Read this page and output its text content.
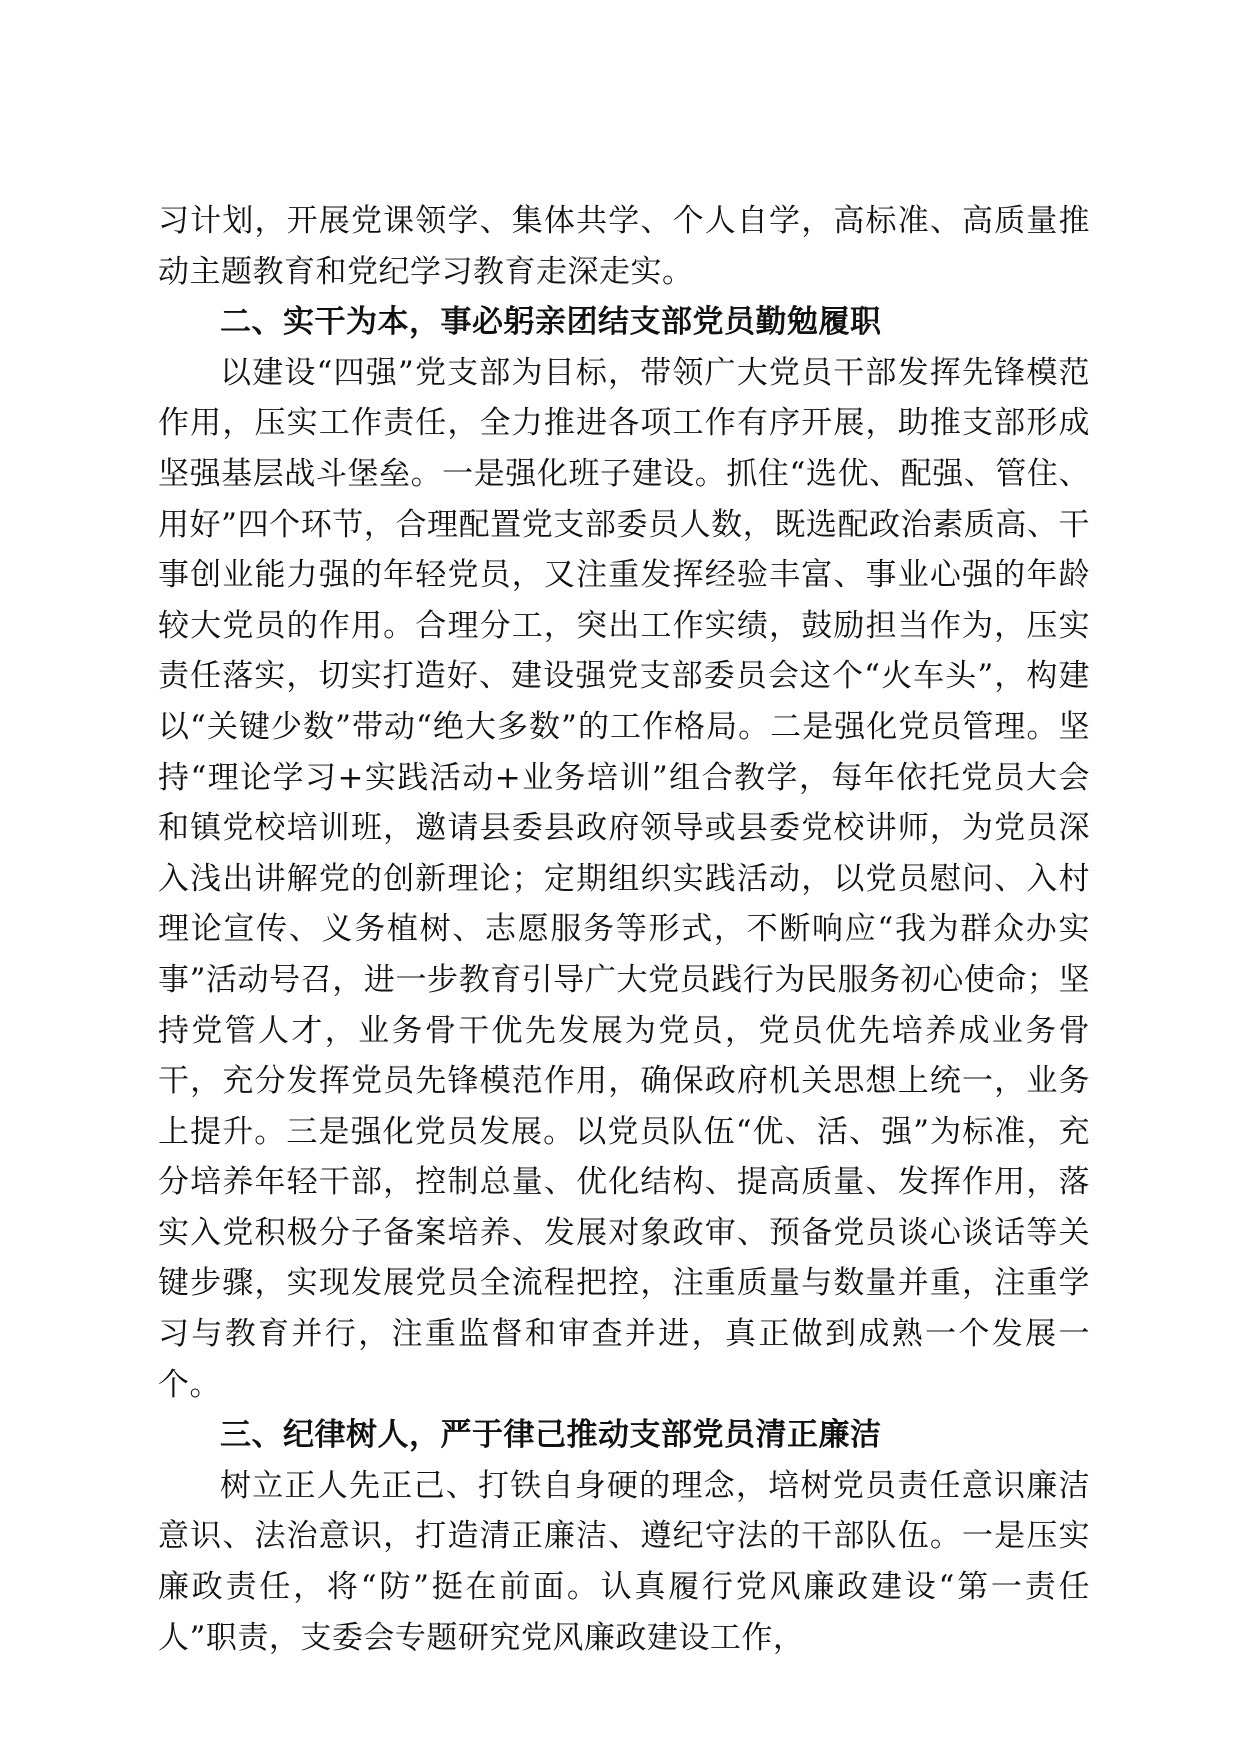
习计划，开展党课领学、集体共学、个人自学，高标准、高质量推动主题教育和党纪学习教育走深走实。

二、实干为本，事必躬亲团结支部党员勤勉履职

以建设“四强”党支部为目标，带领广大党员干部发挥先锋模范作用，压实工作责任，全力推进各项工作有序开展，助推支部形成坚强基层战斗堡垒。一是强化班子建设。抓住“选优、配强、管住、用好”四个环节，合理配置党支部委员人数，既选配政治素质高、干事创业能力强的年轻党员，又注重发挥经验丰富、事业心强的年龄较大党员的作用。合理分工，突出工作实绩，鼓励担当作为，压实责任落实，切实打造好、建设强党支部委员会这个“火车头”，构建以“关键少数”带动“绝大多数”的工作格局。二是强化党员管理。坚持“理论学习+实践活动+业务培训”组合教学，每年依托党员大会和镇党校培训班，邀请县委县政府领导或县委党校讲师，为党员深入浅出讲解党的创新理论；定期组织实践活动，以党员慰问、入村理论宣传、义务植树、志愿服务等形式，不断响应“我为群众办实事”活动号召，进一步教育引导广大党员践行为民服务初心使命；坚持党管人才，业务骨干优先发展为党员，党员优先培养成业务骨干，充分发挥党员先锋模范作用，确保政府机关思想上统一，业务上提升。三是强化党员发展。以党员队伍“优、活、强”为标准，充分培养年轻干部，控制总量、优化结构、提高质量、发挥作用，落实入党积极分子备案培养、发展对象政审、预备党员谈心谈话等关键步骤，实现发展党员全流程把控，注重质量与数量并重，注重学习与教育并行，注重监督和审查并进，真正做到成熟一个发展一个。

三、纪律树人，严于律己推动支部党员清正廉洁

树立正人先正己、打铁自身硬的理念，培树党员责任意识廉洁意识、法治意识，打造清正廉洁、遵纪守法的干部队伍。一是压实廉政责任，将“防”挺在前面。认真履行党风廉政建设“第一责任人”职责，支委会专题研究党风廉政建设工作，
